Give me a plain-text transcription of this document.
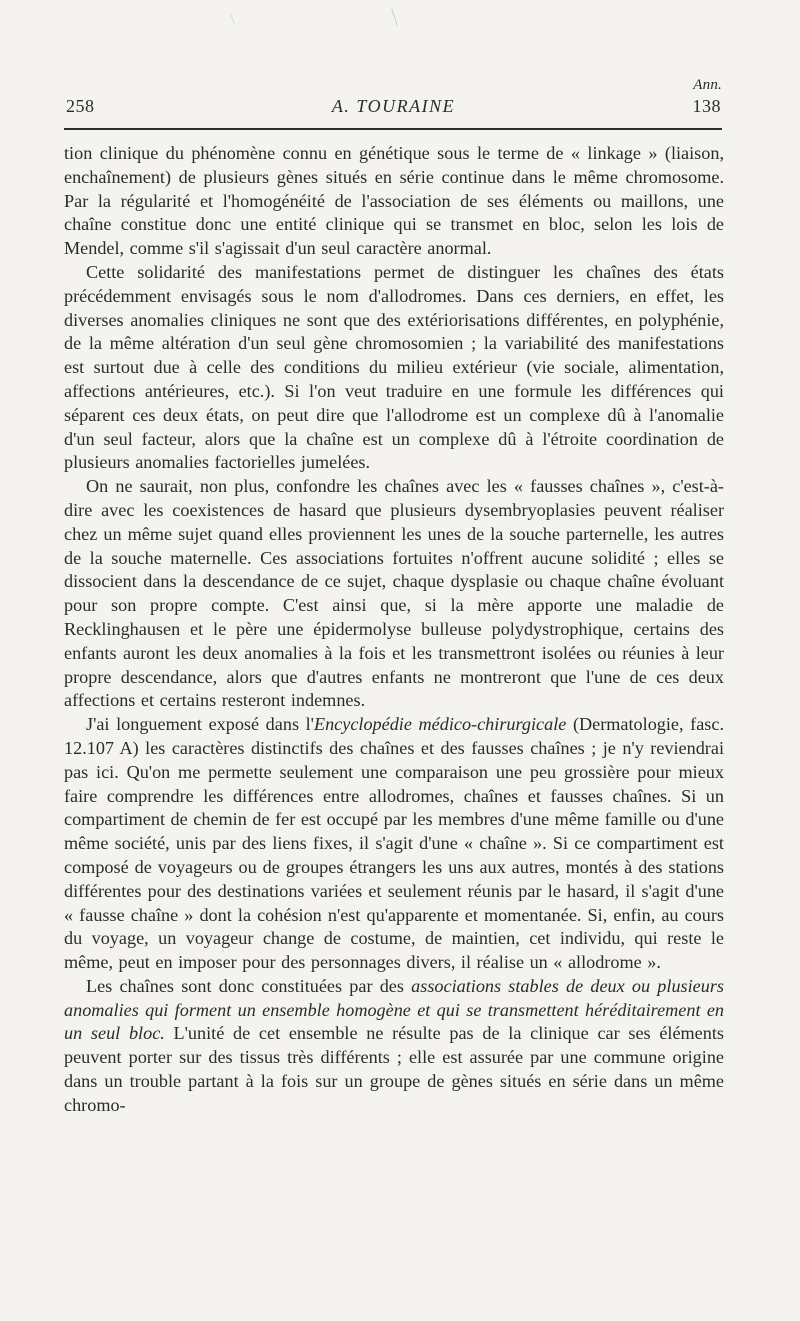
Ann.
258	A. TOURAINE	138

tion clinique du phénomène connu en génétique sous le terme de « linkage » (liaison, enchaînement) de plusieurs gènes situés en série continue dans le même chromosome. Par la régularité et l'homogénéité de l'association de ses éléments ou maillons, une chaîne constitue donc une entité clinique qui se transmet en bloc, selon les lois de Mendel, comme s'il s'agissait d'un seul caractère anormal.

Cette solidarité des manifestations permet de distinguer les chaînes des états précédemment envisagés sous le nom d'allodromes. Dans ces derniers, en effet, les diverses anomalies cliniques ne sont que des extériorisations différentes, en polyphénie, de la même altération d'un seul gène chromosomien ; la variabilité des manifestations est surtout due à celle des conditions du milieu extérieur (vie sociale, alimentation, affections antérieures, etc.). Si l'on veut traduire en une formule les différences qui séparent ces deux états, on peut dire que l'allodrome est un complexe dû à l'anomalie d'un seul facteur, alors que la chaîne est un complexe dû à l'étroite coordination de plusieurs anomalies factorielles jumelées.

On ne saurait, non plus, confondre les chaînes avec les « fausses chaînes », c'est-à-dire avec les coexistences de hasard que plusieurs dysembryoplasies peuvent réaliser chez un même sujet quand elles proviennent les unes de la souche parternelle, les autres de la souche maternelle. Ces associations fortuites n'offrent aucune solidité ; elles se dissocient dans la descendance de ce sujet, chaque dysplasie ou chaque chaîne évoluant pour son propre compte. C'est ainsi que, si la mère apporte une maladie de Recklinghausen et le père une épidermolyse bulleuse polydystrophique, certains des enfants auront les deux anomalies à la fois et les transmettront isolées ou réunies à leur propre descendance, alors que d'autres enfants ne montreront que l'une de ces deux affections et certains resteront indemnes.

J'ai longuement exposé dans l'Encyclopédie médico-chirurgicale (Dermatologie, fasc. 12.107 A) les caractères distinctifs des chaînes et des fausses chaînes ; je n'y reviendrai pas ici. Qu'on me permette seulement une comparaison une peu grossière pour mieux faire comprendre les différences entre allodromes, chaînes et fausses chaînes. Si un compartiment de chemin de fer est occupé par les membres d'une même famille ou d'une même société, unis par des liens fixes, il s'agit d'une « chaîne ». Si ce compartiment est composé de voyageurs ou de groupes étrangers les uns aux autres, montés à des stations différentes pour des destinations variées et seulement réunis par le hasard, il s'agit d'une « fausse chaîne » dont la cohésion n'est qu'apparente et momentanée. Si, enfin, au cours du voyage, un voyageur change de costume, de maintien, cet individu, qui reste le même, peut en imposer pour des personnages divers, il réalise un « allodrome ».

Les chaînes sont donc constituées par des associations stables de deux ou plusieurs anomalies qui forment un ensemble homogène et qui se transmettent héréditairement en un seul bloc. L'unité de cet ensemble ne résulte pas de la clinique car ses éléments peuvent porter sur des tissus très différents ; elle est assurée par une commune origine dans un trouble partant à la fois sur un groupe de gènes situés en série dans un même chromo-
